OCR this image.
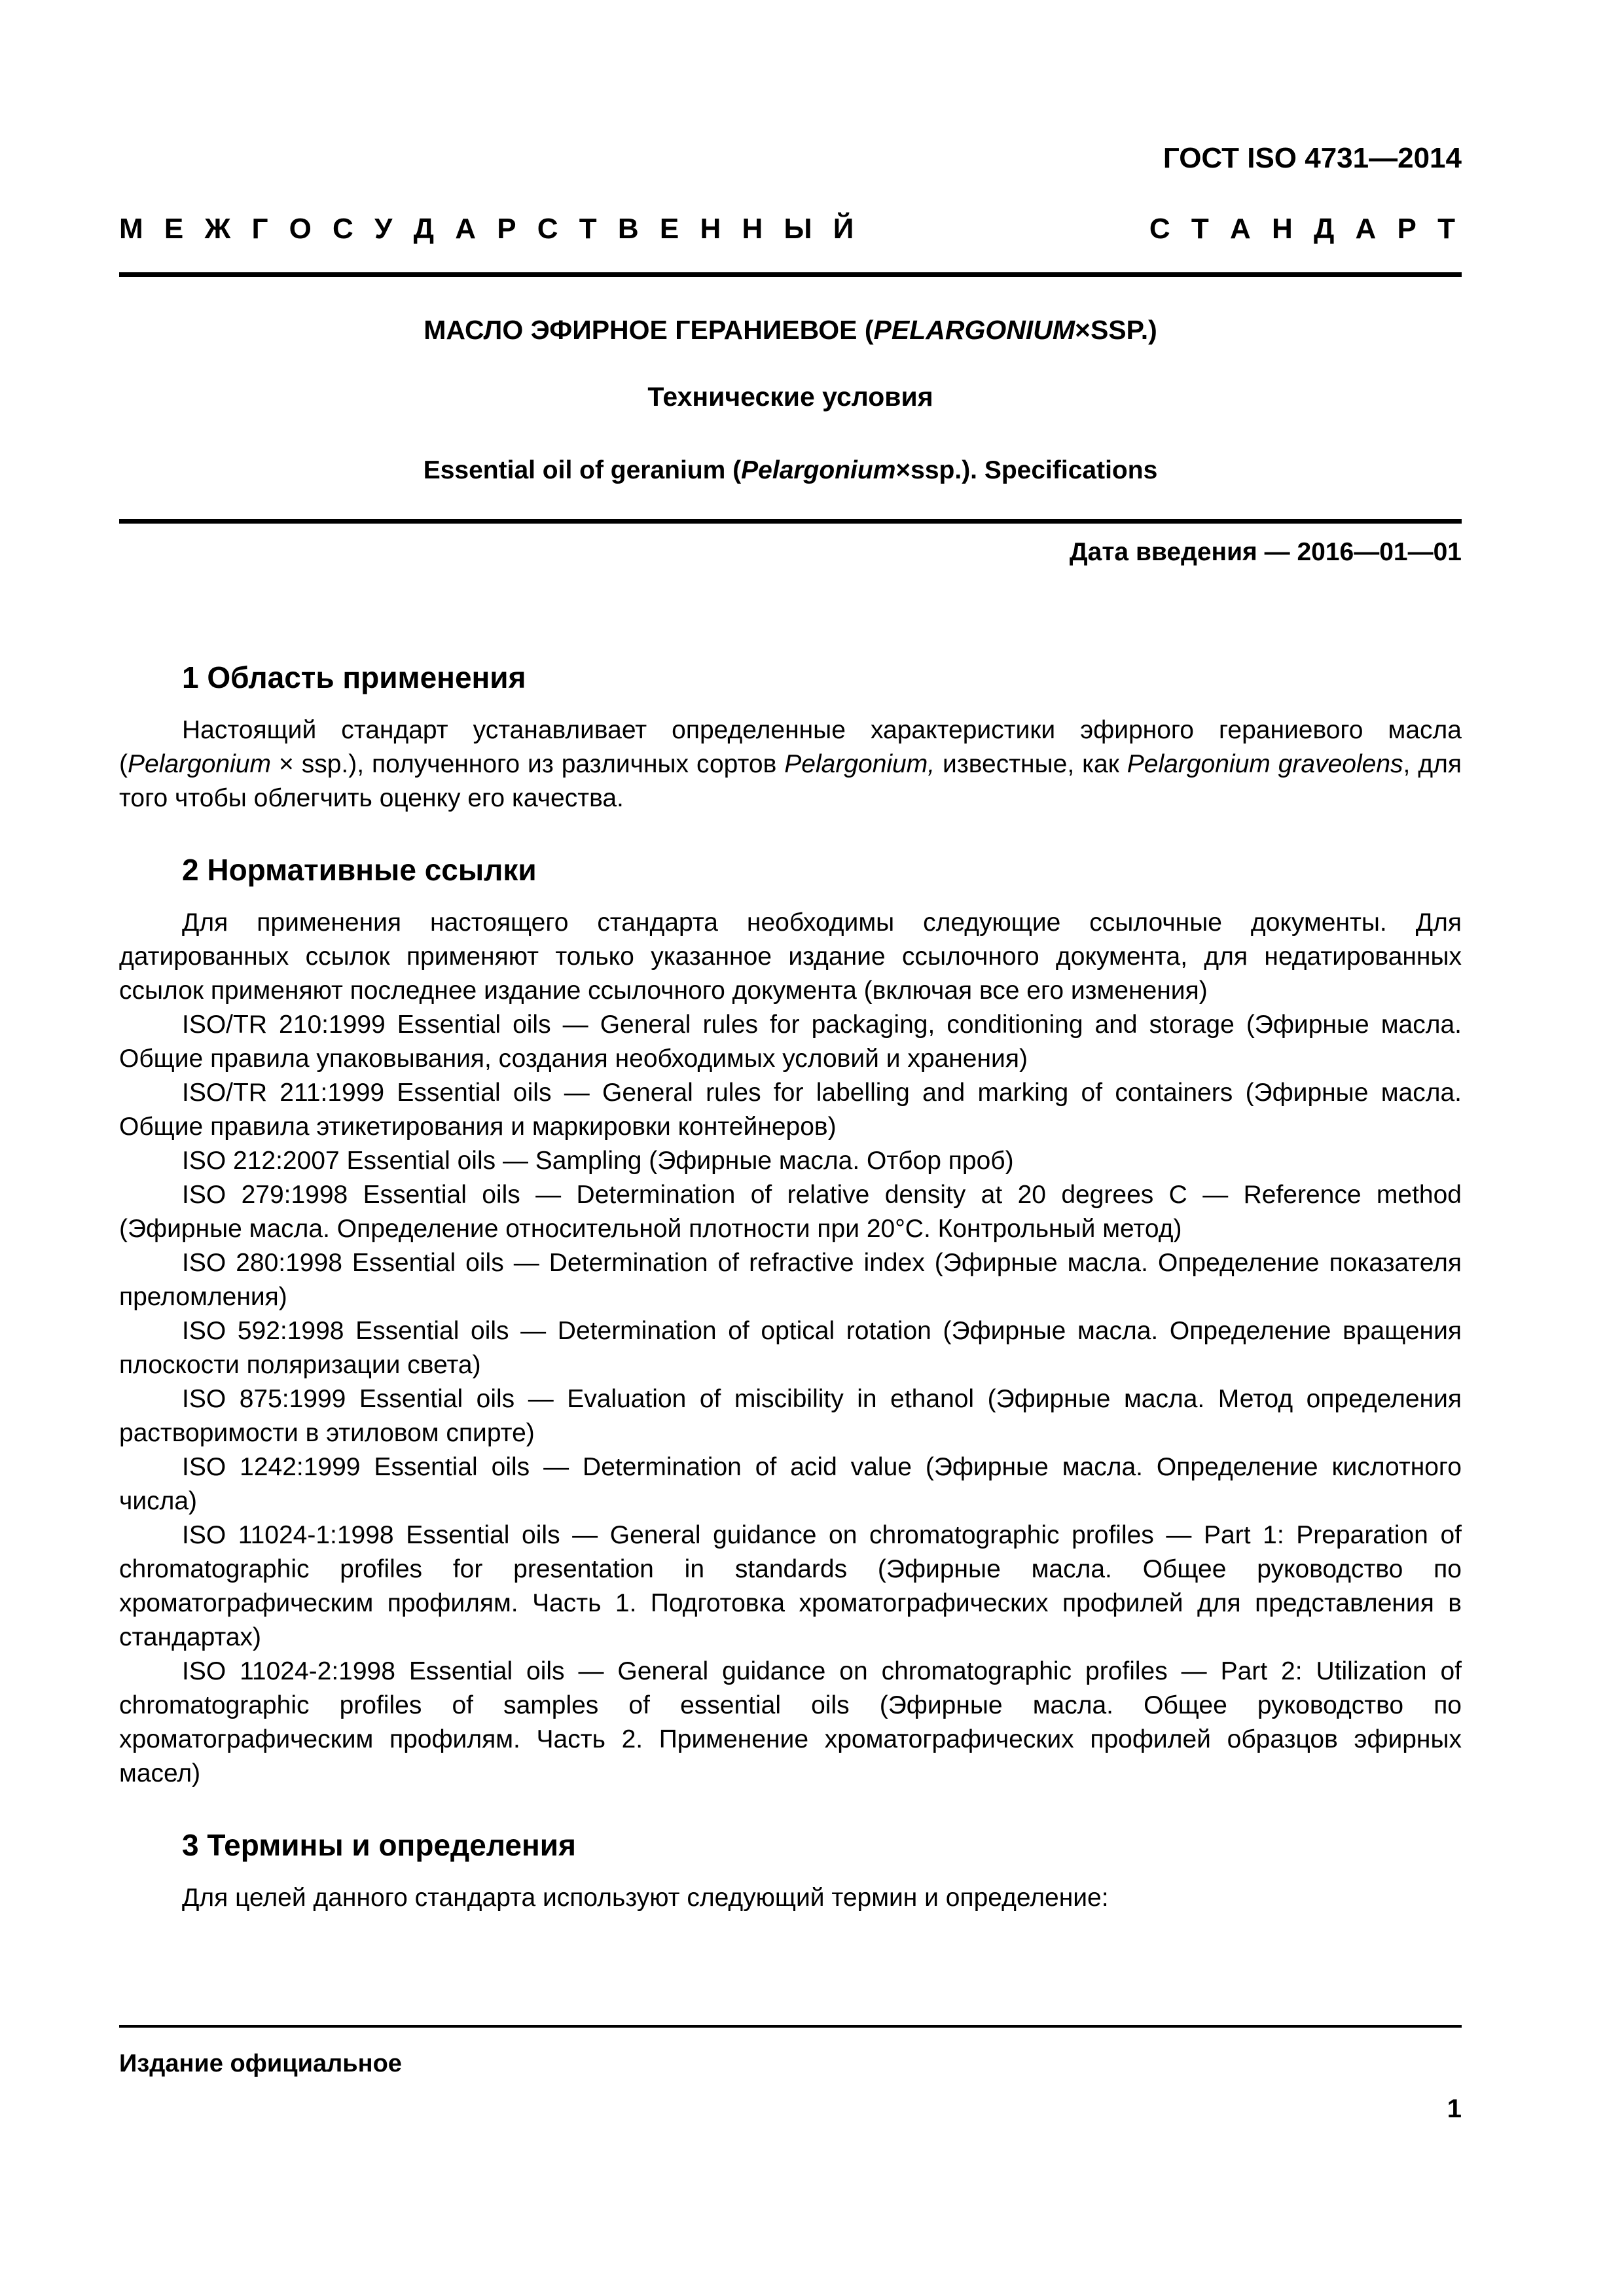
ГОСТ ISO 4731—2014
М Е Ж Г О С У Д А Р С Т В Е Н Н Ы Й	С Т А Н Д А Р Т
МАСЛО ЭФИРНОЕ ГЕРАНИЕВОЕ (PELARGONIUM×SSP.)
Технические условия
Essential oil of geranium (Pelargonium×ssp.). Specifications
Дата введения — 2016—01—01
1 Область применения

Настоящий стандарт устанавливает определенные характеристики эфирного гераниевого масла (Pelargonium × ssp.), полученного из различных сортов Pelargonium, известные, как Pelargonium graveolens, для того чтобы облегчить оценку его качества.

2 Нормативные ссылки

Для применения настоящего стандарта необходимы следующие ссылочные документы. Для датированных ссылок применяют только указанное издание ссылочного документа, для недатированных ссылок применяют последнее издание ссылочного документа (включая все его изменения)

ISO/TR 210:1999 Essential oils — General rules for packaging, conditioning and storage (Эфирные масла. Общие правила упаковывания, создания необходимых условий и хранения)

ISO/TR 211:1999 Essential oils — General rules for labelling and marking of containers (Эфирные масла. Общие правила этикетирования и маркировки контейнеров)

ISO 212:2007 Essential oils — Sampling (Эфирные масла. Отбор проб)

ISO 279:1998 Essential oils — Determination of relative density at 20 degrees C — Reference method (Эфирные масла. Определение относительной плотности при 20°С. Контрольный метод)

ISO 280:1998 Essential oils — Determination of refractive index (Эфирные масла. Определение показателя преломления)

ISO 592:1998 Essential oils — Determination of optical rotation (Эфирные масла. Определение вращения плоскости поляризации света)

ISO 875:1999 Essential oils — Evaluation of miscibility in ethanol (Эфирные масла. Метод определения растворимости в этиловом спирте)

ISO 1242:1999 Essential oils — Determination of acid value (Эфирные масла. Определение кислотного числа)

ISO 11024-1:1998 Essential oils — General guidance on chromatographic profiles — Part 1: Preparation of chromatographic profiles for presentation in standards (Эфирные масла. Общее руководство по хроматографическим профилям. Часть 1. Подготовка хроматографических профилей для представления в стандартах)

ISO 11024-2:1998 Essential oils — General guidance on chromatographic profiles — Part 2: Utilization of chromatographic profiles of samples of essential oils (Эфирные масла. Общее руководство по хроматографическим профилям. Часть 2. Применение хроматографических профилей образцов эфирных масел)

3 Термины и определения

Для целей данного стандарта используют следующий термин и определение:

Издание официальное
1
